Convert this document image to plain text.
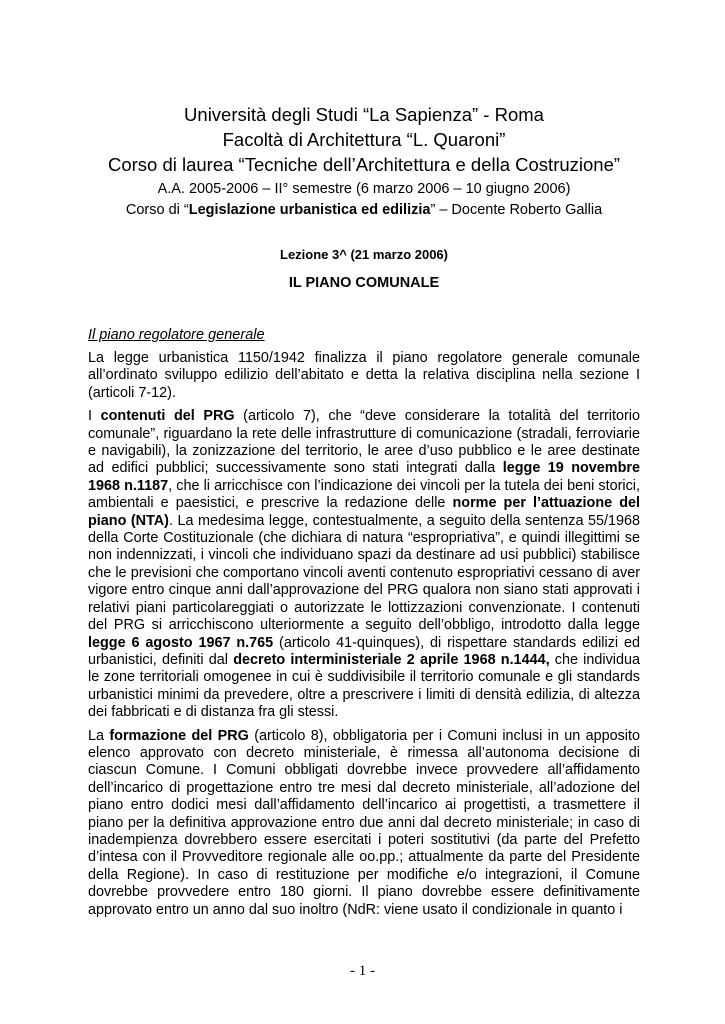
Università degli Studi “La Sapienza” - Roma

Facoltà di Architettura “L. Quaroni”

Corso di laurea “Tecniche dell’Architettura e della Costruzione”

A.A. 2005-2006 – II° semestre (6 marzo 2006 – 10 giugno 2006)

Corso di “Legislazione urbanistica ed edilizia” – Docente Roberto Gallia

Lezione 3^ (21 marzo 2006)
IL PIANO COMUNALE
Il piano regolatore generale
La legge urbanistica 1150/1942 finalizza il piano regolatore generale comunale all’ordinato sviluppo edilizio dell’abitato e detta la relativa disciplina nella sezione I (articoli 7-12).
I contenuti del PRG (articolo 7), che “deve considerare la totalità del territorio comunale”, riguardano la rete delle infrastrutture di comunicazione (stradali, ferroviarie e navigabili), la zonizzazione del territorio, le aree d’uso pubblico e le aree destinate ad edifici pubblici; successivamente sono stati integrati dalla legge 19 novembre 1968 n.1187, che li arricchisce con l’indicazione dei vincoli per la tutela dei beni storici, ambientali e paesistici, e prescrive la redazione delle norme per l’attuazione del piano (NTA). La medesima legge, contestualmente, a seguito della sentenza 55/1968 della Corte Costituzionale (che dichiara di natura “espropriativa”, e quindi illegittimi se non indennizzati, i vincoli che individuano spazi da destinare ad usi pubblici) stabilisce che le previsioni che comportano vincoli aventi contenuto espropriativi cessano di aver vigore entro cinque anni dall’approvazione del PRG qualora non siano stati approvati i relativi piani particolareggiati o autorizzate le lottizzazioni convenzionate. I contenuti del PRG si arricchiscono ulteriormente a seguito dell’obbligo, introdotto dalla legge legge 6 agosto 1967 n.765 (articolo 41-quinques), di rispettare standards edilizi ed urbanistici, definiti dal decreto interministeriale 2 aprile 1968 n.1444, che individua le zone territoriali omogenee in cui è suddivisibile il territorio comunale e gli standards urbanistici minimi da prevedere, oltre a prescrivere i limiti di densità edilizia, di altezza dei fabbricati e di distanza fra gli stessi.
La formazione del PRG (articolo 8), obbligatoria per i Comuni inclusi in un apposito elenco approvato con decreto ministeriale, è rimessa all’autonoma decisione di ciascun Comune. I Comuni obbligati dovrebbe invece provvedere all’affidamento dell’incarico di progettazione entro tre mesi dal decreto ministeriale, all’adozione del piano entro dodici mesi dall’affidamento dell’incarico ai progettisti, a trasmettere il piano per la definitiva approvazione entro due anni dal decreto ministeriale; in caso di inadempienza dovrebbero essere esercitati i poteri sostitutivi (da parte del Prefetto d’intesa con il Provveditore regionale alle oo.pp.; attualmente da parte del Presidente della Regione). In caso di restituzione per modifiche e/o integrazioni, il Comune dovrebbe provvedere entro 180 giorni. Il piano dovrebbe essere definitivamente approvato entro un anno dal suo inoltro (NdR: viene usato il condizionale in quanto i
- 1 -
